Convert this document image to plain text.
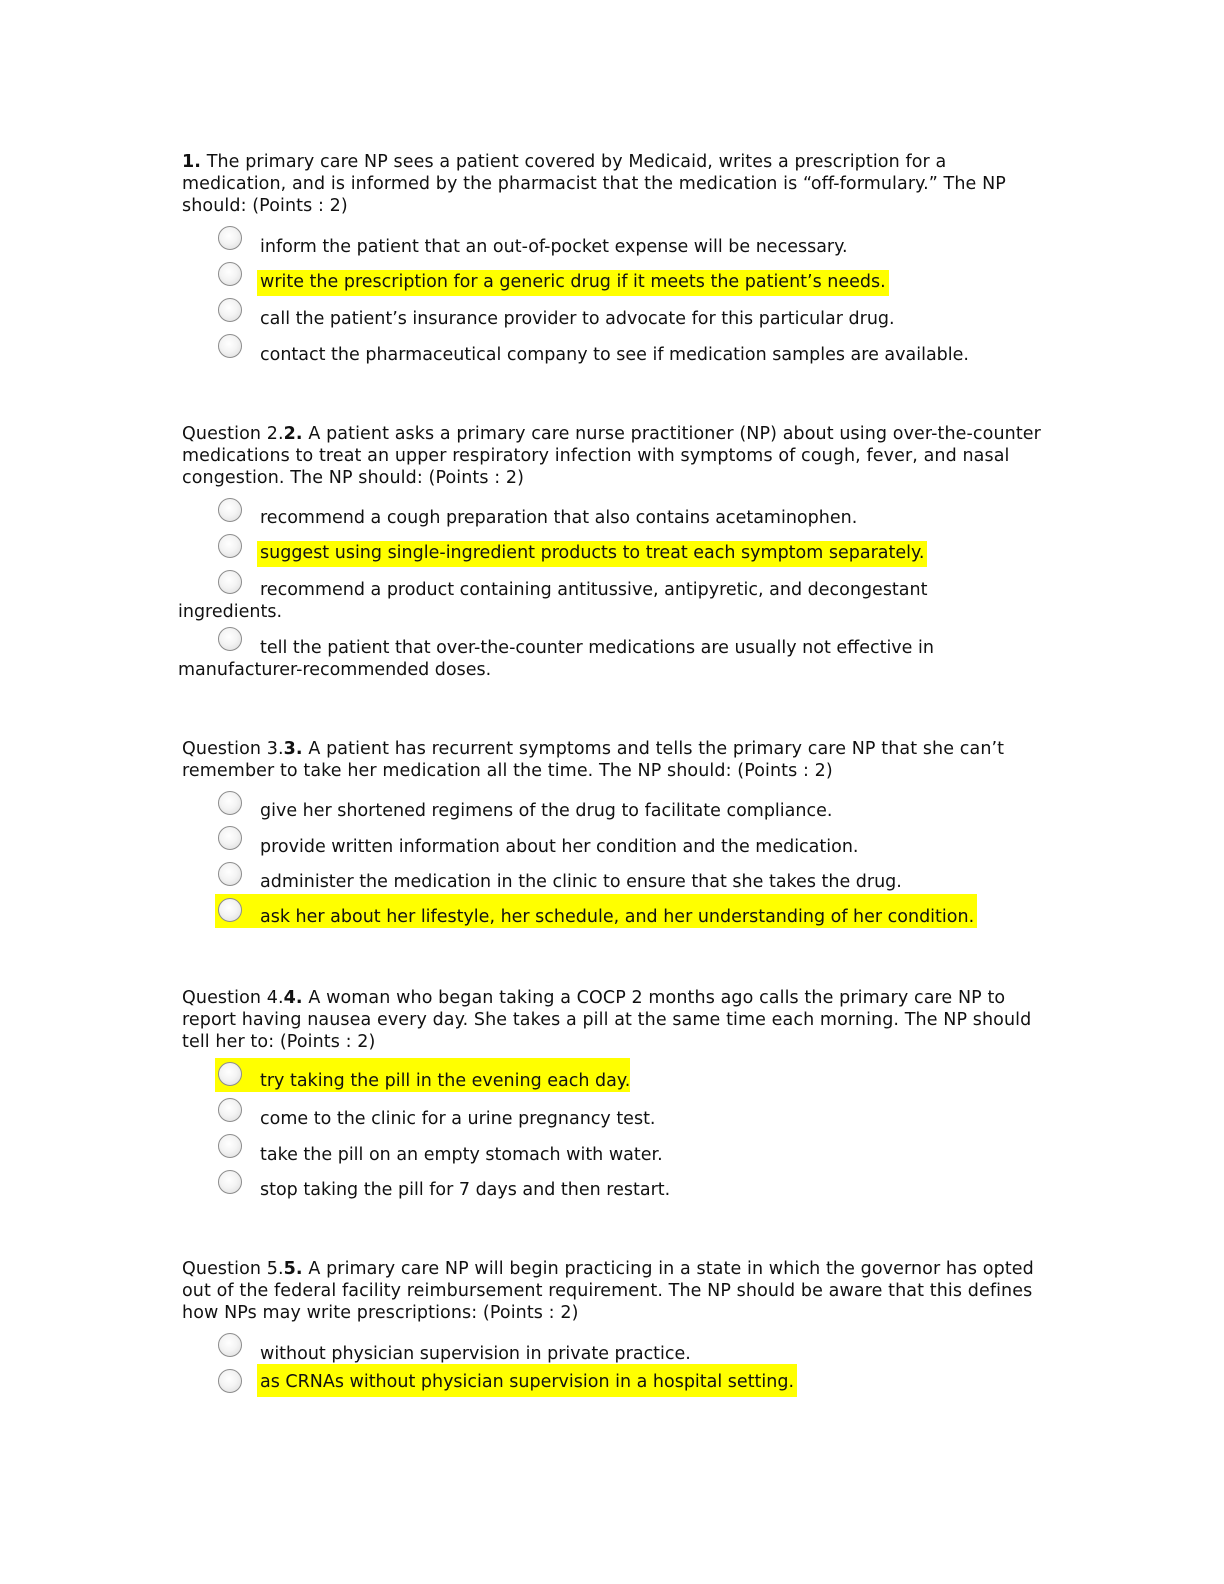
1. The primary care NP sees a patient covered by Medicaid, writes a prescription for a medication, and is informed by the pharmacist that the medication is “off-formulary.” The NP should: (Points : 2)

inform the patient that an out-of-pocket expense will be necessary.
write the prescription for a generic drug if it meets the patient’s needs.
call the patient’s insurance provider to advocate for this particular drug.
contact the pharmaceutical company to see if medication samples are available.

Question 2.2. A patient asks a primary care nurse practitioner (NP) about using over-the-counter medications to treat an upper respiratory infection with symptoms of cough, fever, and nasal congestion. The NP should: (Points : 2)

recommend a cough preparation that also contains acetaminophen.
suggest using single-ingredient products to treat each symptom separately.
recommend a product containing antitussive, antipyretic, and decongestant ingredients.
tell the patient that over-the-counter medications are usually not effective in manufacturer-recommended doses.

Question 3.3. A patient has recurrent symptoms and tells the primary care NP that she can’t remember to take her medication all the time. The NP should: (Points : 2)

give her shortened regimens of the drug to facilitate compliance.
provide written information about her condition and the medication.
administer the medication in the clinic to ensure that she takes the drug.
ask her about her lifestyle, her schedule, and her understanding of her condition.

Question 4.4. A woman who began taking a COCP 2 months ago calls the primary care NP to report having nausea every day. She takes a pill at the same time each morning. The NP should tell her to: (Points : 2)

try taking the pill in the evening each day.
come to the clinic for a urine pregnancy test.
take the pill on an empty stomach with water.
stop taking the pill for 7 days and then restart.

Question 5.5. A primary care NP will begin practicing in a state in which the governor has opted out of the federal facility reimbursement requirement. The NP should be aware that this defines how NPs may write prescriptions: (Points : 2)

without physician supervision in private practice.
as CRNAs without physician supervision in a hospital setting.
